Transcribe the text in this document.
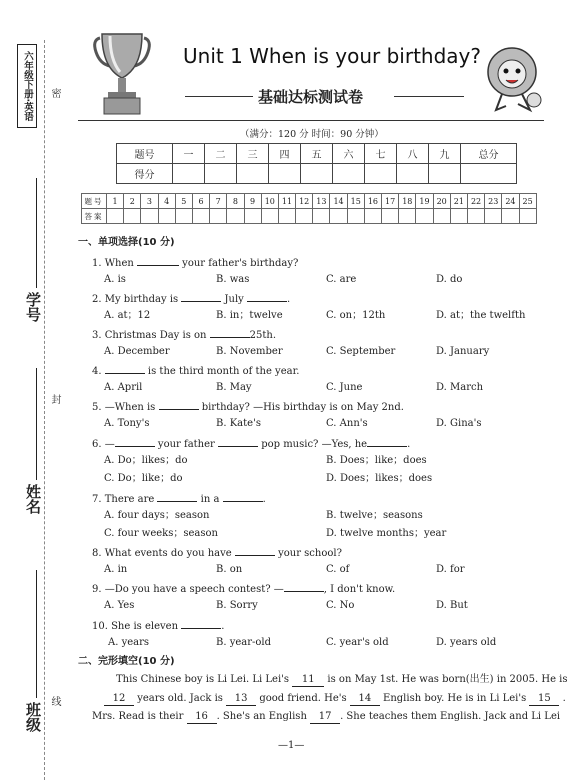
六年级下册·英语	密
封
线
学号
姓名
班级
Unit 1 When is your birthday?
基础达标测试卷
（满分：120 分 时间：90 分钟）
题号	一	二	三	四	五	六	七	八	九	总分
得分										
题号	1	2	3	4	5	6	7	8	9	10	11	12	13	14	15	16	17	18	19	20	21	22	23	24	25
答案																									
一、单项选择(10 分)
1. When	your father's birthday?
A. is	B. was	C. are	D. do
2. My birthday is	July	.
A. at；12	B. in；twelve	C. on；12th	D. at；the twelfth
3. Christmas Day is on	25th.
A. December	B. November	C. September	D. January
4.	is the third month of the year.
A. April	B. May	C. June	D. March
5. —When is	birthday? —His birthday is on May 2nd.
A. Tony's	B. Kate's	C. Ann's	D. Gina's
6. —	your father	pop music? —Yes, he	.
A. Do；likes；do	B. Does；like；does
C. Do；like；do	D. Does；likes；does
7. There are	in a	.
A. four days；season	B. twelve；seasons
C. four weeks；season	D. twelve months；year
8. What events do you have	your school?
A. in	B. on	C. of	D. for
9. —Do you have a speech contest? —	, I don't know.
A. Yes	B. Sorry	C. No	D. But
10. She is eleven	.
A. years	B. year-old	C. year's old	D. years old
二、完形填空(10 分)
This Chinese boy is Li Lei. Li Lei's 11 is on May 1st. He was born(出生) in 2005. He is
12 years old. Jack is 13 good friend. He's 14 English boy. He is in Li Lei's 15 .
Mrs. Read is their 16 . She's an English 17 . She teaches them English. Jack and Li Lei
—1—
